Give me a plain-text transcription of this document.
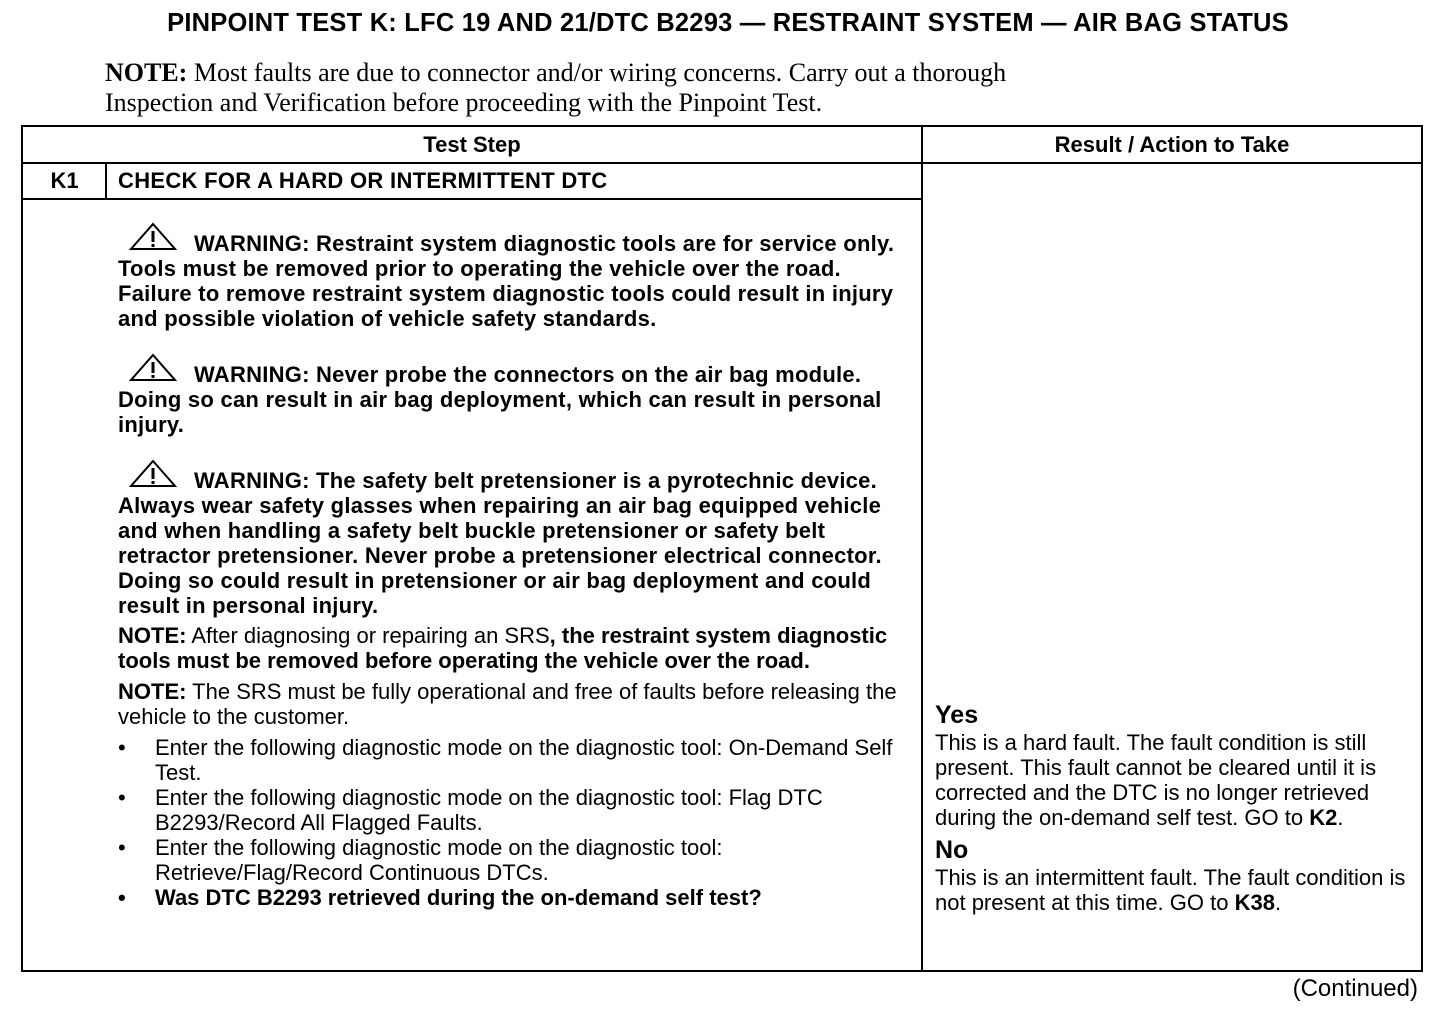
PINPOINT TEST K: LFC 19 AND 21/DTC B2293 — RESTRAINT SYSTEM — AIR BAG STATUS
NOTE: Most faults are due to connector and/or wiring concerns. Carry out a thorough
Inspection and Verification before proceeding with the Pinpoint Test.
Test Step	Result / Action to Take
K1	CHECK FOR A HARD OR INTERMITTENT DTC

WARNING: Restraint system diagnostic tools are for service only. Tools must be removed prior to operating the vehicle over the road. Failure to remove restraint system diagnostic tools could result in injury and possible violation of vehicle safety standards.

WARNING: Never probe the connectors on the air bag module. Doing so can result in air bag deployment, which can result in personal injury.

WARNING: The safety belt pretensioner is a pyrotechnic device. Always wear safety glasses when repairing an air bag equipped vehicle and when handling a safety belt buckle pretensioner or safety belt retractor pretensioner. Never probe a pretensioner electrical connector. Doing so could result in pretensioner or air bag deployment and could result in personal injury.

NOTE: After diagnosing or repairing an SRS, the restraint system diagnostic tools must be removed before operating the vehicle over the road.

NOTE: The SRS must be fully operational and free of faults before releasing the vehicle to the customer.

• Enter the following diagnostic mode on the diagnostic tool: On-Demand Self Test.
• Enter the following diagnostic mode on the diagnostic tool: Flag DTC B2293/Record All Flagged Faults.
• Enter the following diagnostic mode on the diagnostic tool: Retrieve/Flag/Record Continuous DTCs.
• Was DTC B2293 retrieved during the on-demand self test?
Yes
This is a hard fault. The fault condition is still present. This fault cannot be cleared until it is corrected and the DTC is no longer retrieved during the on-demand self test. GO to K2.
No
This is an intermittent fault. The fault condition is not present at this time. GO to K38.
(Continued)
